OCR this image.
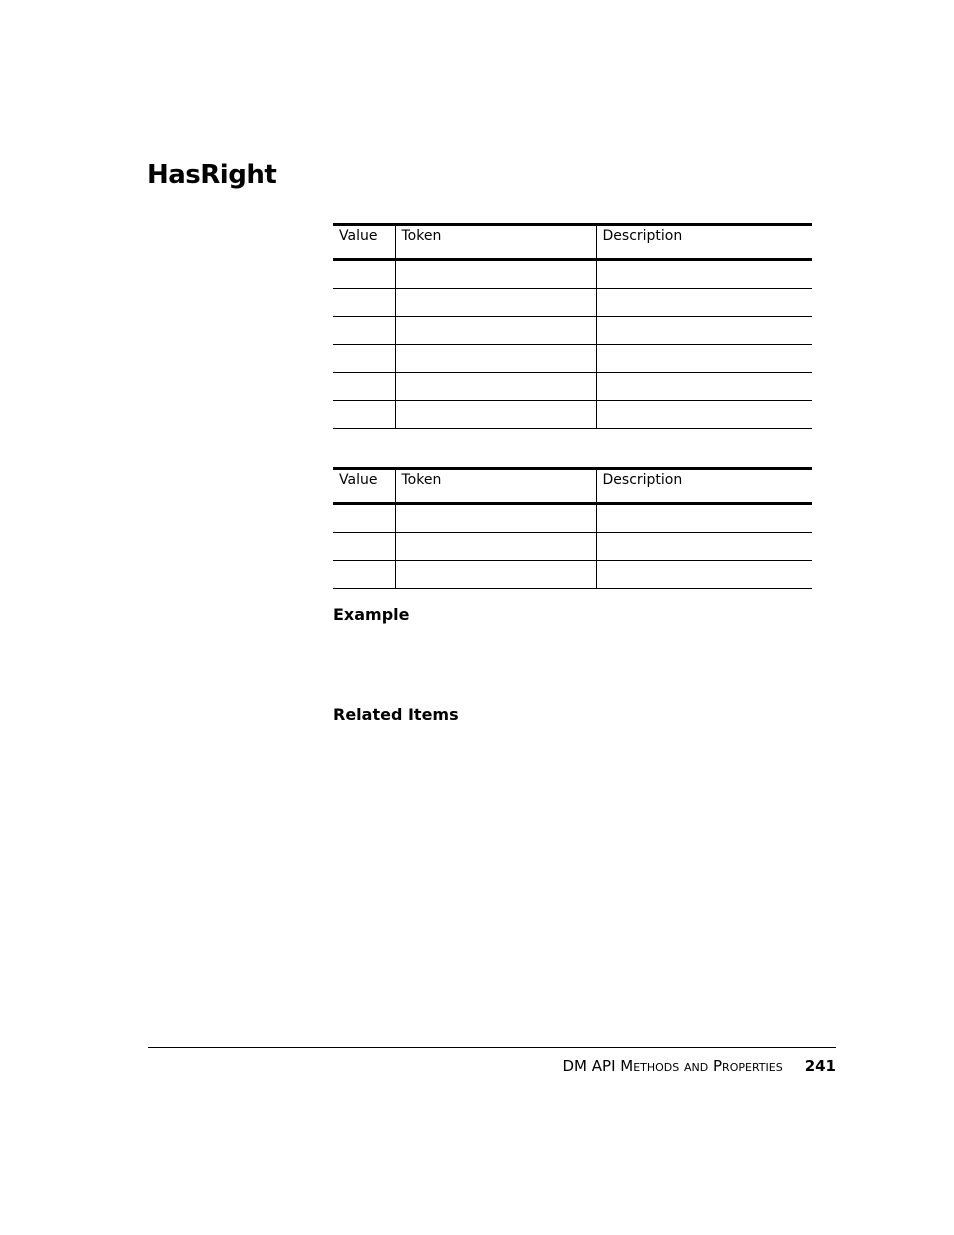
HasRight
Value	Token	Description

Value	Token	Description

Example
Related Items
DM API Methods and Properties 241
